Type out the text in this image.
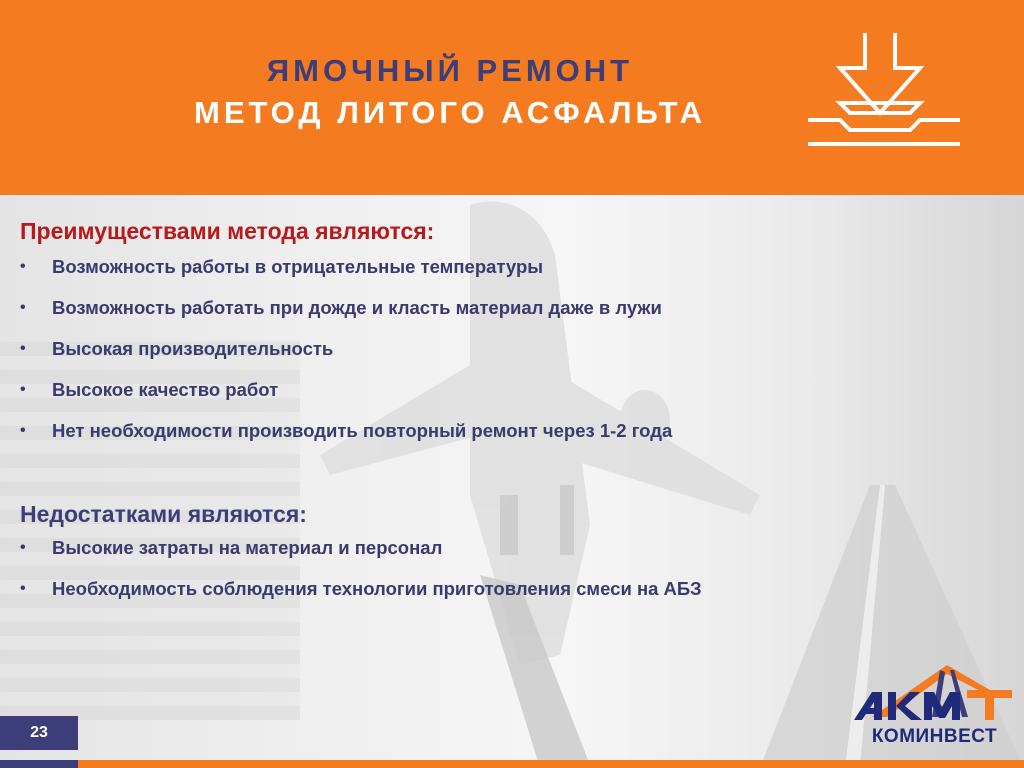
ЯМОЧНЫЙ РЕМОНТ
МЕТОД ЛИТОГО АСФАЛЬТА
Преимуществами метода являются:
• Возможность работы в отрицательные температуры
• Возможность работать при дожде и класть материал даже в лужи
• Высокая производительность
• Высокое качество работ
• Нет необходимости производить повторный ремонт через 1-2 года
Недостатками являются:
• Высокие затраты на материал и персонал
• Необходимость соблюдения технологии приготовления смеси на АБЗ
23	КОМИНВЕСТ
